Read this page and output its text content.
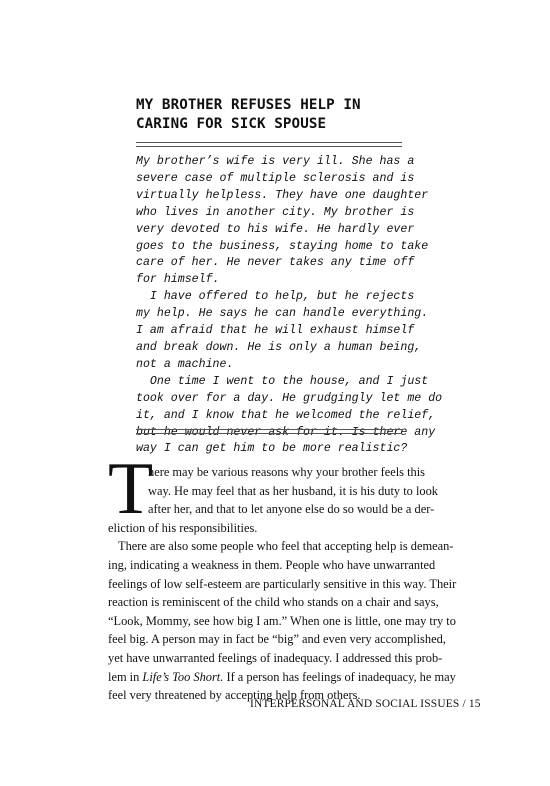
MY BROTHER REFUSES HELP IN
CARING FOR SICK SPOUSE
My brother’s wife is very ill. She has a
severe case of multiple sclerosis and is
virtually helpless. They have one daughter
who lives in another city. My brother is
very devoted to his wife. He hardly ever
goes to the business, staying home to take
care of her. He never takes any time off
for himself.
I have offered to help, but he rejects
my help. He says he can handle everything.
I am afraid that he will exhaust himself
and break down. He is only a human being,
not a machine.
One time I went to the house, and I just
took over for a day. He grudgingly let me do
it, and I know that he welcomed the relief,
but he would never ask for it. Is there any
way I can get him to be more realistic?
T
here may be various reasons why your brother feels this
way. He may feel that as her husband, it is his duty to look
after her, and that to let anyone else do so would be a der-
eliction of his responsibilities.
There are also some people who feel that accepting help is demean-
ing, indicating a weakness in them. People who have unwarranted
feelings of low self-esteem are particularly sensitive in this way. Their
reaction is reminiscent of the child who stands on a chair and says,
“Look, Mommy, see how big I am.” When one is little, one may try to
feel big. A person may in fact be “big” and even very accomplished,
yet have unwarranted feelings of inadequacy. I addressed this prob-
lem in Life’s Too Short. If a person has feelings of inadequacy, he may
feel very threatened by accepting help from others.
INTERPERSONAL AND SOCIAL ISSUES / 15
